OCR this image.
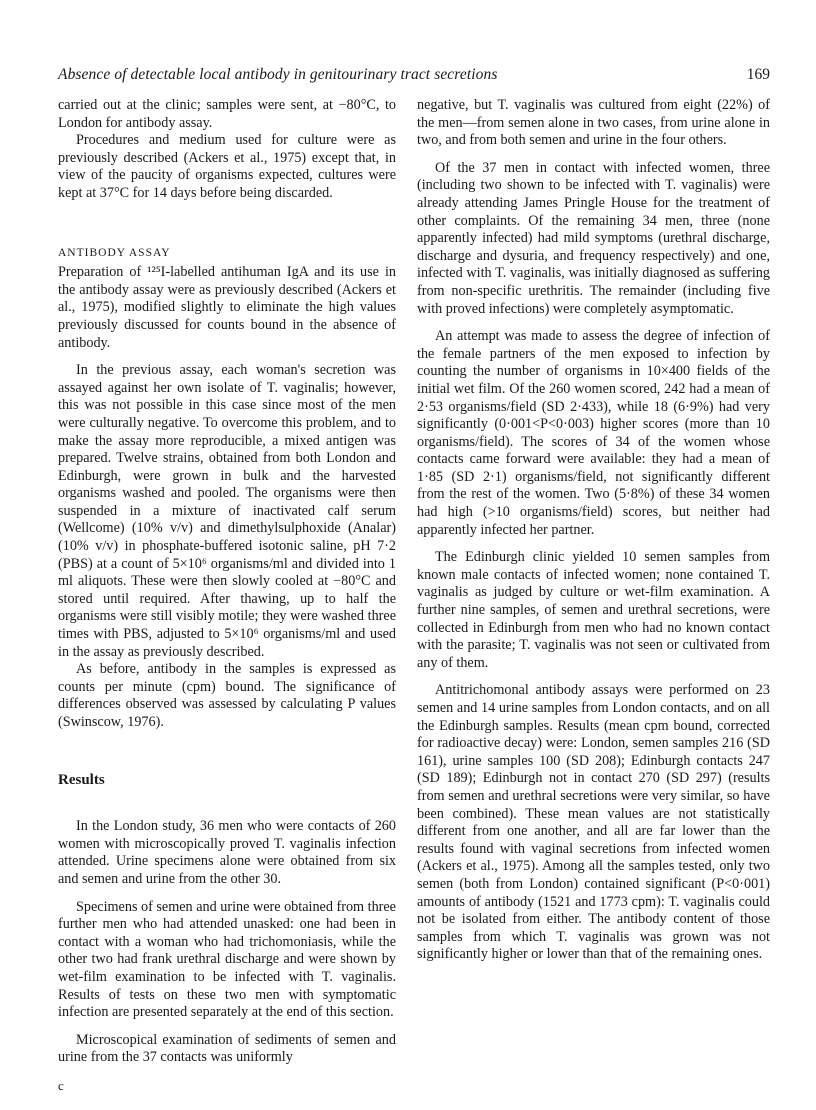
Absence of detectable local antibody in genitourinary tract secretions	169

carried out at the clinic; samples were sent, at −80°C, to London for antibody assay.

Procedures and medium used for culture were as previously described (Ackers et al., 1975) except that, in view of the paucity of organisms expected, cultures were kept at 37°C for 14 days before being discarded.

ANTIBODY ASSAY

Preparation of ¹²⁵I-labelled antihuman IgA and its use in the antibody assay were as previously described (Ackers et al., 1975), modified slightly to eliminate the high values previously discussed for counts bound in the absence of antibody.

In the previous assay, each woman's secretion was assayed against her own isolate of T. vaginalis; however, this was not possible in this case since most of the men were culturally negative. To overcome this problem, and to make the assay more reproducible, a mixed antigen was prepared. Twelve strains, obtained from both London and Edinburgh, were grown in bulk and the harvested organisms washed and pooled. The organisms were then suspended in a mixture of inactivated calf serum (Wellcome) (10% v/v) and dimethylsulphoxide (Analar) (10% v/v) in phosphate-buffered isotonic saline, pH 7·2 (PBS) at a count of 5×10⁶ organisms/ml and divided into 1 ml aliquots. These were then slowly cooled at −80°C and stored until required. After thawing, up to half the organisms were still visibly motile; they were washed three times with PBS, adjusted to 5×10⁶ organisms/ml and used in the assay as previously described.

As before, antibody in the samples is expressed as counts per minute (cpm) bound. The significance of differences observed was assessed by calculating P values (Swinscow, 1976).

Results

In the London study, 36 men who were contacts of 260 women with microscopically proved T. vaginalis infection attended. Urine specimens alone were obtained from six and semen and urine from the other 30.

Specimens of semen and urine were obtained from three further men who had attended unasked: one had been in contact with a woman who had trichomoniasis, while the other two had frank urethral discharge and were shown by wet-film examination to be infected with T. vaginalis. Results of tests on these two men with symptomatic infection are presented separately at the end of this section.

Microscopical examination of sediments of semen and urine from the 37 contacts was uniformly

c

negative, but T. vaginalis was cultured from eight (22%) of the men—from semen alone in two cases, from urine alone in two, and from both semen and urine in the four others.

Of the 37 men in contact with infected women, three (including two shown to be infected with T. vaginalis) were already attending James Pringle House for the treatment of other complaints. Of the remaining 34 men, three (none apparently infected) had mild symptoms (urethral discharge, discharge and dysuria, and frequency respectively) and one, infected with T. vaginalis, was initially diagnosed as suffering from non-specific urethritis. The remainder (including five with proved infections) were completely asymptomatic.

An attempt was made to assess the degree of infection of the female partners of the men exposed to infection by counting the number of organisms in 10×400 fields of the initial wet film. Of the 260 women scored, 242 had a mean of 2·53 organisms/field (SD 2·433), while 18 (6·9%) had very significantly (0·001<P<0·003) higher scores (more than 10 organisms/field). The scores of 34 of the women whose contacts came forward were available: they had a mean of 1·85 (SD 2·1) organisms/field, not significantly different from the rest of the women. Two (5·8%) of these 34 women had high (>10 organisms/field) scores, but neither had apparently infected her partner.

The Edinburgh clinic yielded 10 semen samples from known male contacts of infected women; none contained T. vaginalis as judged by culture or wet-film examination. A further nine samples, of semen and urethral secretions, were collected in Edinburgh from men who had no known contact with the parasite; T. vaginalis was not seen or cultivated from any of them.

Antitrichomonal antibody assays were performed on 23 semen and 14 urine samples from London contacts, and on all the Edinburgh samples. Results (mean cpm bound, corrected for radioactive decay) were: London, semen samples 216 (SD 161), urine samples 100 (SD 208); Edinburgh contacts 247 (SD 189); Edinburgh not in contact 270 (SD 297) (results from semen and urethral secretions were very similar, so have been combined). These mean values are not statistically different from one another, and all are far lower than the results found with vaginal secretions from infected women (Ackers et al., 1975). Among all the samples tested, only two semen (both from London) contained significant (P<0·001) amounts of antibody (1521 and 1773 cpm): T. vaginalis could not be isolated from either. The antibody content of those samples from which T. vaginalis was grown was not significantly higher or lower than that of the remaining ones.
